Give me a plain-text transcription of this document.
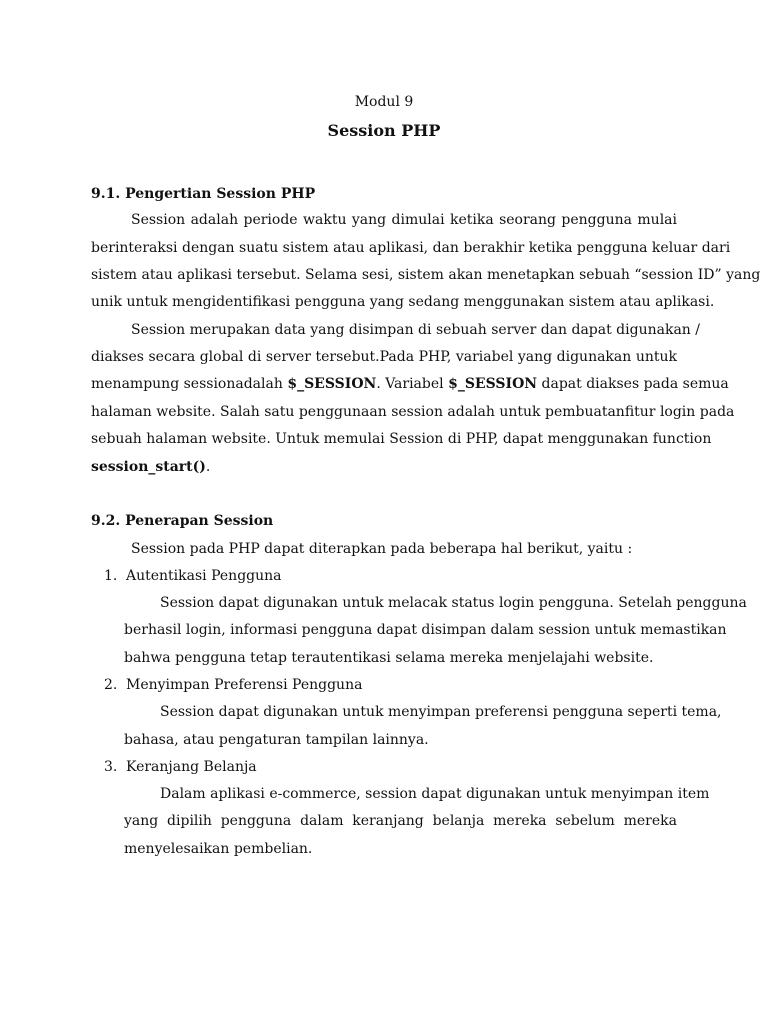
Modul 9
Session PHP
9.1. Pengertian Session PHP
Session adalah periode waktu yang dimulai ketika seorang pengguna mulai
berinteraksi dengan suatu sistem atau aplikasi, dan berakhir ketika pengguna keluar dari
sistem atau aplikasi tersebut. Selama sesi, sistem akan menetapkan sebuah “session ID” yang
unik untuk mengidentifikasi pengguna yang sedang menggunakan sistem atau aplikasi.
Session merupakan data yang disimpan di sebuah server dan dapat digunakan /
diakses secara global di server tersebut.Pada PHP, variabel yang digunakan untuk
menampung sessionadalah $_SESSION. Variabel $_SESSION dapat diakses pada semua
halaman website. Salah satu penggunaan session adalah untuk pembuatanfitur login pada
sebuah halaman website. Untuk memulai Session di PHP, dapat menggunakan function
session_start().
9.2. Penerapan Session
Session pada PHP dapat diterapkan pada beberapa hal berikut, yaitu :
1. Autentikasi Pengguna
Session dapat digunakan untuk melacak status login pengguna. Setelah pengguna
berhasil login, informasi pengguna dapat disimpan dalam session untuk memastikan
bahwa pengguna tetap terautentikasi selama mereka menjelajahi website.
2. Menyimpan Preferensi Pengguna
Session dapat digunakan untuk menyimpan preferensi pengguna seperti tema,
bahasa, atau pengaturan tampilan lainnya.
3. Keranjang Belanja
Dalam aplikasi e-commerce, session dapat digunakan untuk menyimpan item
yang dipilih pengguna dalam keranjang belanja mereka sebelum mereka
menyelesaikan pembelian.
